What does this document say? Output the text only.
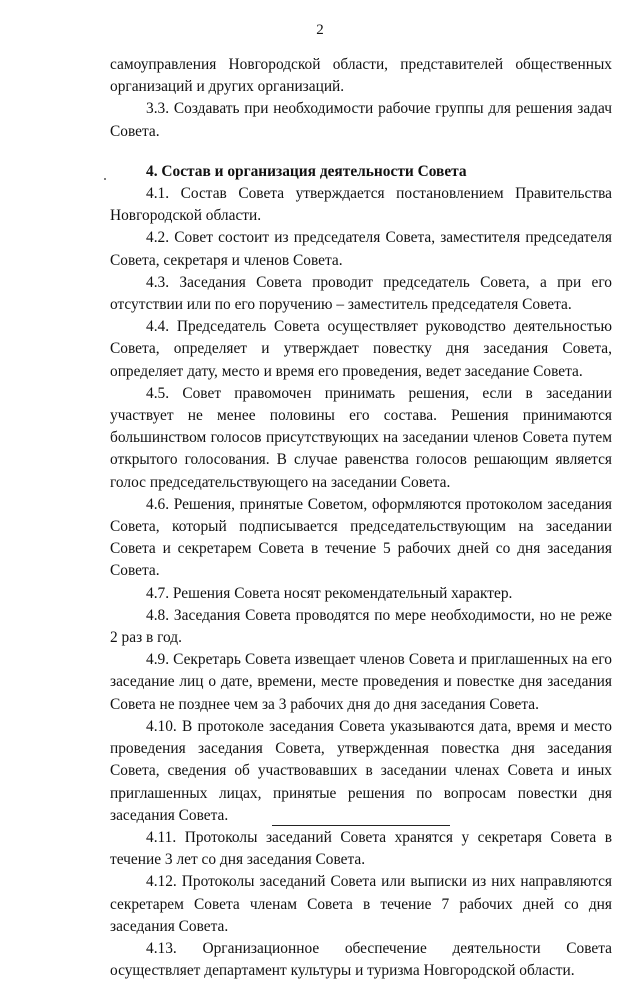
2

самоуправления Новгородской области, представителей общественных организаций и других организаций.

3.3. Создавать при необходимости рабочие группы для решения задач Совета.

4. Состав и организация деятельности Совета

4.1. Состав Совета утверждается постановлением Правительства Новгородской области.

4.2. Совет состоит из председателя Совета, заместителя председателя Совета, секретаря и членов Совета.

4.3. Заседания Совета проводит председатель Совета, а при его отсутствии или по его поручению – заместитель председателя Совета.

4.4. Председатель Совета осуществляет руководство деятельностью Совета, определяет и утверждает повестку дня заседания Совета, определяет дату, место и время его проведения, ведет заседание Совета.

4.5. Совет правомочен принимать решения, если в заседании участвует не менее половины его состава. Решения принимаются большинством голосов присутствующих на заседании членов Совета путем открытого голосования. В случае равенства голосов решающим является голос председательствующего на заседании Совета.

4.6. Решения, принятые Советом, оформляются протоколом заседания Совета, который подписывается председательствующим на заседании Совета и секретарем Совета в течение 5 рабочих дней со дня заседания Совета.

4.7. Решения Совета носят рекомендательный характер.

4.8. Заседания Совета проводятся по мере необходимости, но не реже 2 раз в год.

4.9. Секретарь Совета извещает членов Совета и приглашенных на его заседание лиц о дате, времени, месте проведения и повестке дня заседания Совета не позднее чем за 3 рабочих дня до дня заседания Совета.

4.10. В протоколе заседания Совета указываются дата, время и место проведения заседания Совета, утвержденная повестка дня заседания Совета, сведения об участвовавших в заседании членах Совета и иных приглашенных лицах, принятые решения по вопросам повестки дня заседания Совета.

4.11. Протоколы заседаний Совета хранятся у секретаря Совета в течение 3 лет со дня заседания Совета.

4.12. Протоколы заседаний Совета или выписки из них направляются секретарем Совета членам Совета в течение 7 рабочих дней со дня заседания Совета.

4.13. Организационное обеспечение деятельности Совета осуществляет департамент культуры и туризма Новгородской области.
